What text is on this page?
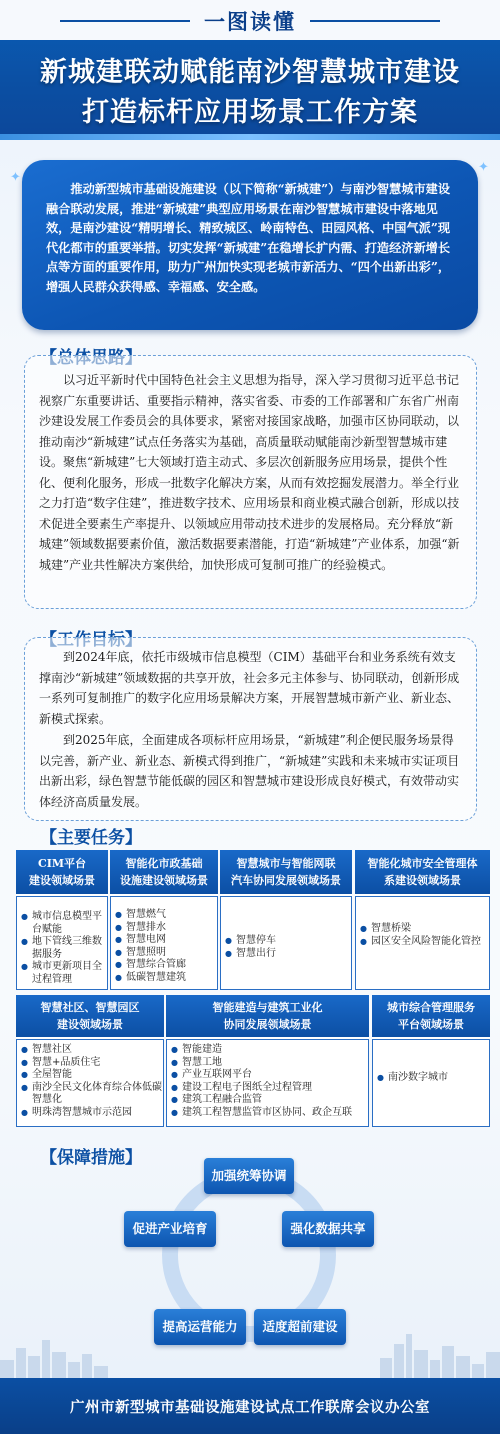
一图读懂
新城建联动赋能南沙智慧城市建设
打造标杆应用场景工作方案
推动新型城市基础设施建设（以下简称“新城建”）与南沙智慧城市建设融合联动发展，推进“新城建”典型应用场景在南沙智慧城市建设中落地见效，是南沙建设“精明增长、精致城区、岭南特色、田园风格、中国气派”现代化都市的重要举措。切实发挥“新城建”在稳增长扩内需、打造经济新增长点等方面的重要作用，助力广州加快实现老城市新活力、“四个出新出彩”，增强人民群众获得感、幸福感、安全感。
✦
✦
以习近平新时代中国特色社会主义思想为指导，深入学习贯彻习近平总书记视察广东重要讲话、重要指示精神，落实省委、市委的工作部署和广东省广州南沙建设发展工作委员会的具体要求，紧密对接国家战略，加强市区协同联动，以推动南沙“新城建”试点任务落实为基础，高质量联动赋能南沙新型智慧城市建设。聚焦“新城建”七大领域打造主动式、多层次创新服务应用场景，提供个性化、便利化服务，形成一批数字化解决方案，从而有效挖掘发展潜力。举全行业之力打造“数字住建”，推进数字技术、应用场景和商业模式融合创新，形成以技术促进全要素生产率提升、以领域应用带动技术进步的发展格局。充分释放“新城建”领域数据要素价值，激活数据要素潜能，打造“新城建”产业体系，加强“新城建”产业共性解决方案供给，加快形成可复制可推广的经验模式。
到2024年底，依托市级城市信息模型（CIM）基础平台和业务系统有效支撑南沙“新城建”领域数据的共享开放，社会多元主体参与、协同联动，创新形成一系列可复制推广的数字化应用场景解决方案，开展智慧城市新产业、新业态、新模式探索。
到2025年底，全面建成各项标杆应用场景，“新城建”利企便民服务场景得以完善，新产业、新业态、新模式得到推广，“新城建”实践和未来城市实证项目出新出彩，绿色智慧节能低碳的园区和智慧城市建设形成良好模式，有效带动实体经济高质量发展。
【主要任务】
CIM平台
建设领域场景
● 城市信息模型平台赋能
● 地下管线三维数据服务
● 城市更新项目全过程管理
智能化市政基础
设施建设领域场景
● 智慧燃气
● 智慧排水
● 智慧电网
● 智慧照明
● 智慧综合管廊
● 低碳智慧建筑
智慧城市与智能网联
汽车协同发展领域场景
● 智慧停车
● 智慧出行
智能化城市安全管理体
系建设领域场景
● 智慧桥梁
● 园区安全风险智能化管控
智慧社区、智慧园区
建设领域场景
● 智慧社区
● 智慧+品质住宅
● 全屋智能
● 南沙全民文化体育综合体低碳智慧化
● 明珠湾智慧城市示范园
智能建造与建筑工业化
协同发展领域场景
● 智能建造
● 智慧工地
● 产业互联网平台
● 建设工程电子图纸全过程管理
● 建筑工程融合监管
● 建筑工程智慧监管市区协同、政企互联
城市综合管理服务
平台领域场景
● 南沙数字城市
【保障措施】
加强统筹协调
强化数据共享
适度超前建设
提高运营能力
促进产业培育
广州市新型城市基础设施建设试点工作联席会议办公室
